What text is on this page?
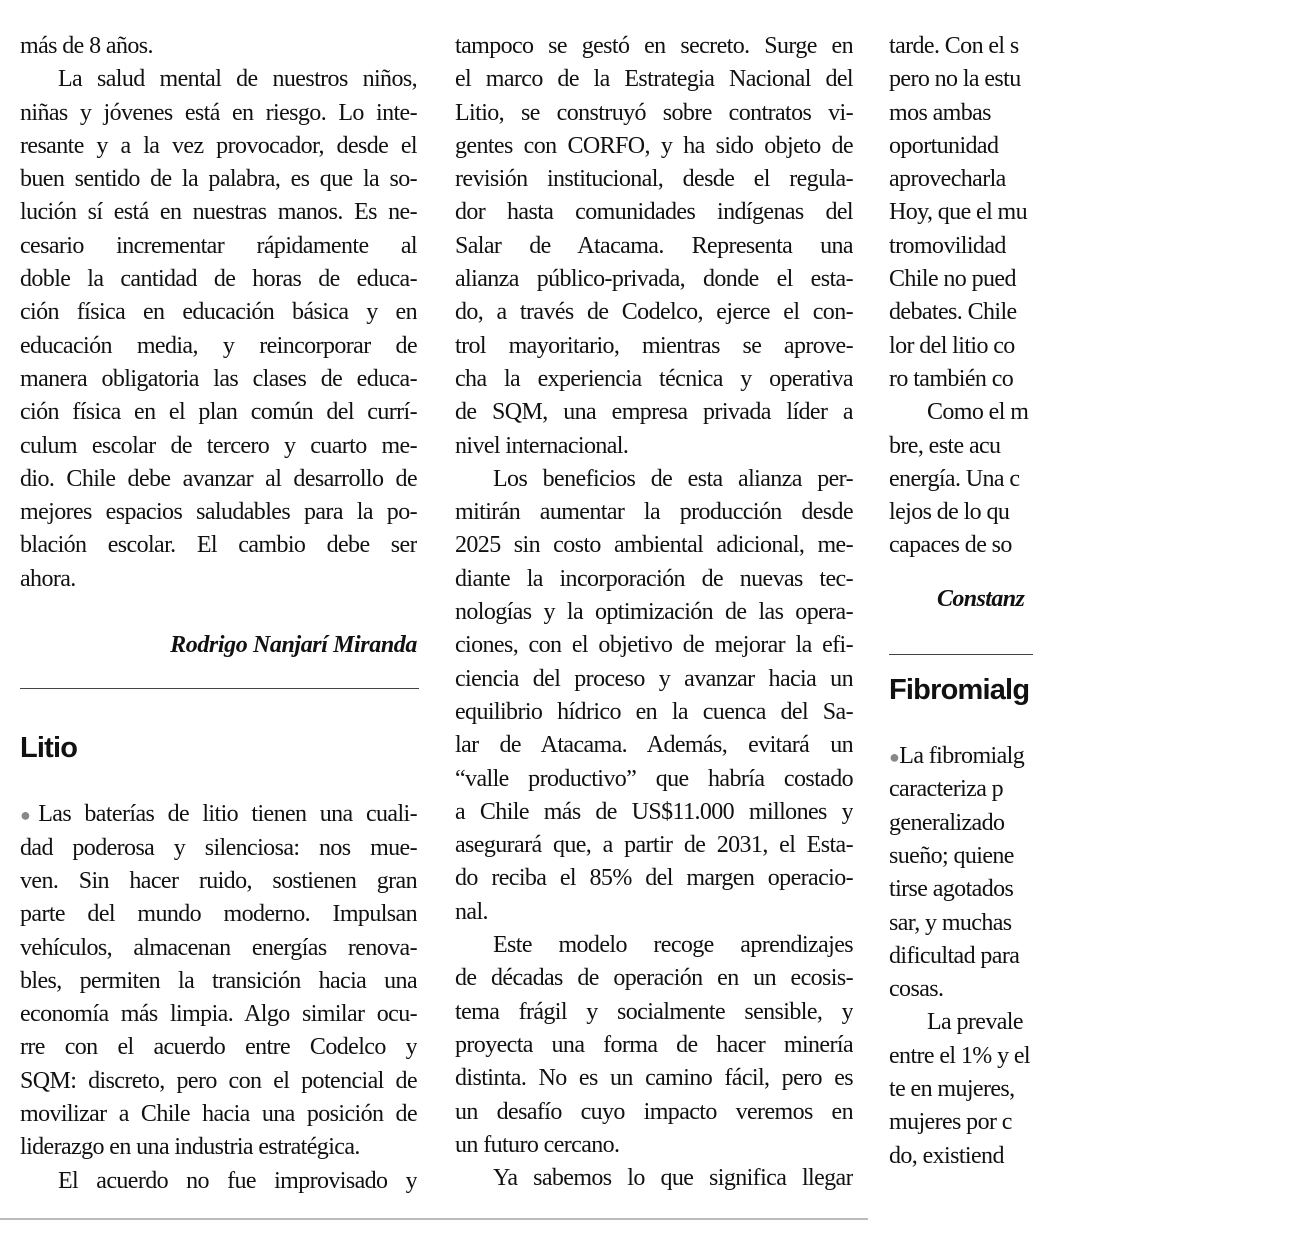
más de 8 años.
La salud mental de nuestros niños,
niñas y jóvenes está en riesgo. Lo inte-
resante y a la vez provocador, desde el
buen sentido de la palabra, es que la so-
lución sí está en nuestras manos. Es ne-
cesario incrementar rápidamente al
doble la cantidad de horas de educa-
ción física en educación básica y en
educación media, y reincorporar de
manera obligatoria las clases de educa-
ción física en el plan común del currí-
culum escolar de tercero y cuarto me-
dio. Chile debe avanzar al desarrollo de
mejores espacios saludables para la po-
blación escolar. El cambio debe ser
ahora.
Rodrigo Nanjarí Miranda
Litio
●Las baterías de litio tienen una cuali-
dad poderosa y silenciosa: nos mue-
ven. Sin hacer ruido, sostienen gran
parte del mundo moderno. Impulsan
vehículos, almacenan energías renova-
bles, permiten la transición hacia una
economía más limpia. Algo similar ocu-
rre con el acuerdo entre Codelco y
SQM: discreto, pero con el potencial de
movilizar a Chile hacia una posición de
liderazgo en una industria estratégica.
El acuerdo no fue improvisado y
tampoco se gestó en secreto. Surge en
el marco de la Estrategia Nacional del
Litio, se construyó sobre contratos vi-
gentes con CORFO, y ha sido objeto de
revisión institucional, desde el regula-
dor hasta comunidades indígenas del
Salar de Atacama. Representa una
alianza público-privada, donde el esta-
do, a través de Codelco, ejerce el con-
trol mayoritario, mientras se aprove-
cha la experiencia técnica y operativa
de SQM, una empresa privada líder a
nivel internacional.
Los beneficios de esta alianza per-
mitirán aumentar la producción desde
2025 sin costo ambiental adicional, me-
diante la incorporación de nuevas tec-
nologías y la optimización de las opera-
ciones, con el objetivo de mejorar la efi-
ciencia del proceso y avanzar hacia un
equilibrio hídrico en la cuenca del Sa-
lar de Atacama. Además, evitará un
“valle productivo” que habría costado
a Chile más de US$11.000 millones y
asegurará que, a partir de 2031, el Esta-
do reciba el 85% del margen operacio-
nal.
Este modelo recoge aprendizajes
de décadas de operación en un ecosis-
tema frágil y socialmente sensible, y
proyecta una forma de hacer minería
distinta. No es un camino fácil, pero es
un desafío cuyo impacto veremos en
un futuro cercano.
Ya sabemos lo que significa llegar
tarde. Con el s
pero no la estu
mos ambas
oportunidad
aprovecharla
Hoy, que el mu
tromovilidad
Chile no pued
debates. Chile
lor del litio co
ro también co
Como el m
bre, este acu
energía. Una c
lejos de lo qu
capaces de so
Constanz
Fibromialg
●La fibromialg
caracteriza p
generalizado
sueño; quiene
tirse agotados
sar, y muchas
dificultad para
cosas.
La prevale
entre el 1% y el
te en mujeres,
mujeres por c
do, existiend
